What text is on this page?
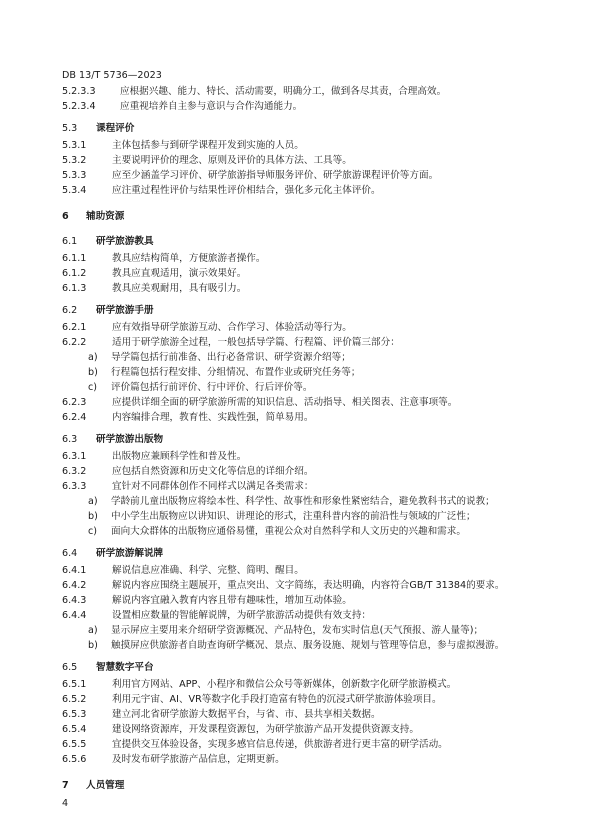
DB 13/T 5736—2023
5.2.3.3	应根据兴趣、能力、特长、活动需要，明确分工，做到各尽其责，合理高效。
5.2.3.4	应重视培养自主参与意识与合作沟通能力。
5.3 课程评价
5.3.1	主体包括参与到研学课程开发到实施的人员。
5.3.2	主要说明评价的理念、原则及评价的具体方法、工具等。
5.3.3	应至少涵盖学习评价、研学旅游指导师服务评价、研学旅游课程评价等方面。
5.3.4	应注重过程性评价与结果性评价相结合，强化多元化主体评价。
6 辅助资源
6.1 研学旅游教具
6.1.1	教具应结构简单，方便旅游者操作。
6.1.2	教具应直观适用，演示效果好。
6.1.3	教具应美观耐用，具有吸引力。
6.2 研学旅游手册
6.2.1	应有效指导研学旅游互动、合作学习、体验活动等行为。
6.2.2	适用于研学旅游全过程，一般包括导学篇、行程篇、评价篇三部分：
a) 导学篇包括行前准备、出行必备常识、研学资源介绍等；
b) 行程篇包括行程安排、分组情况、布置作业或研究任务等；
c) 评价篇包括行前评价、行中评价、行后评价等。
6.2.3	应提供详细全面的研学旅游所需的知识信息、活动指导、相关图表、注意事项等。
6.2.4	内容编排合理，教育性、实践性强，简单易用。
6.3 研学旅游出版物
6.3.1	出版物应兼顾科学性和普及性。
6.3.2	应包括自然资源和历史文化等信息的详细介绍。
6.3.3	宜针对不同群体创作不同样式以满足各类需求：
a) 学龄前儿童出版物应将绘本性、科学性、故事性和形象性紧密结合，避免教科书式的说教；
b) 中小学生出版物应以讲知识、讲理论的形式，注重科普内容的前沿性与领域的广泛性；
c) 面向大众群体的出版物应通俗易懂，重视公众对自然科学和人文历史的兴趣和需求。
6.4 研学旅游解说牌
6.4.1	解说信息应准确、科学、完整、简明、醒目。
6.4.2	解说内容应围绕主题展开，重点突出、文字简练，表达明确，内容符合GB/T 31384的要求。
6.4.3	解说内容宜融入教育内容且带有趣味性，增加互动体验。
6.4.4	设置相应数量的智能解说牌，为研学旅游活动提供有效支持：
a) 显示屏应主要用来介绍研学资源概况、产品特色，发布实时信息(天气预报、游人量等)；
b) 触摸屏应供旅游者自助查询研学概况、景点、服务设施、规划与管理等信息，参与虚拟漫游。
6.5 智慧数字平台
6.5.1	利用官方网站、APP、小程序和微信公众号等新媒体，创新数字化研学旅游模式。
6.5.2	利用元宇宙、AI、VR等数字化手段打造富有特色的沉浸式研学旅游体验项目。
6.5.3	建立河北省研学旅游大数据平台，与省、市、县共享相关数据。
6.5.4	建设网络资源库，开发课程资源包，为研学旅游产品开发提供资源支持。
6.5.5	宜提供交互体验设备，实现多感官信息传递，供旅游者进行更丰富的研学活动。
6.5.6	及时发布研学旅游产品信息，定期更新。
7 人员管理
4
